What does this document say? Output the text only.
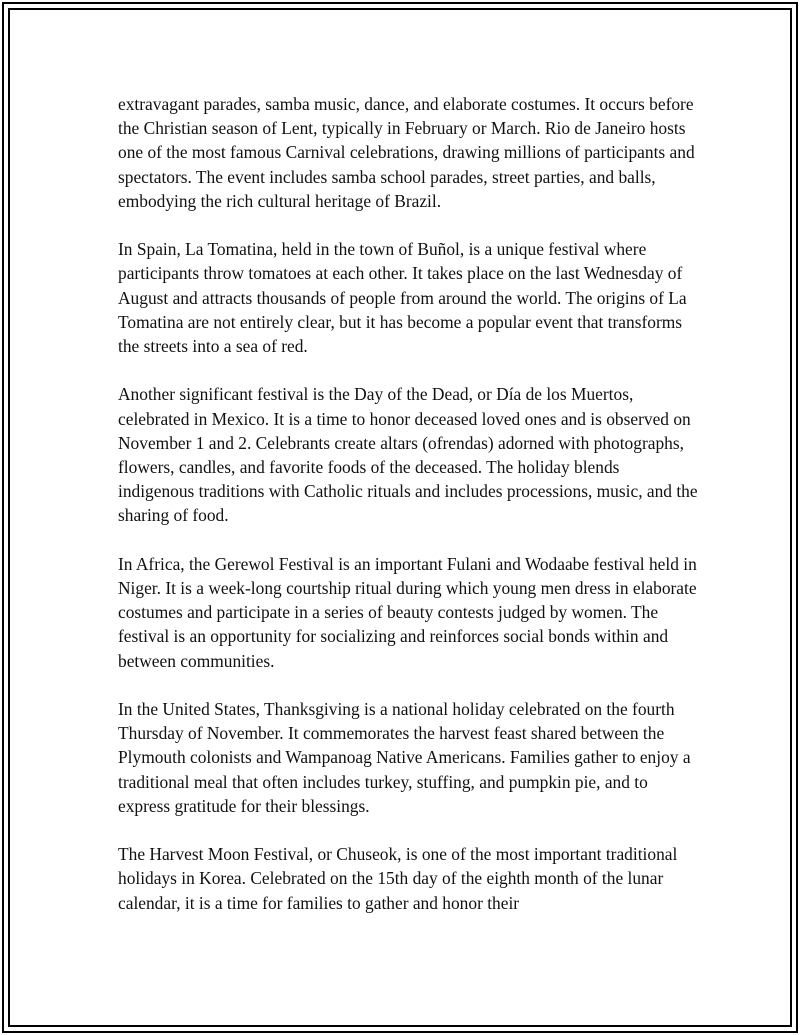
extravagant parades, samba music, dance, and elaborate costumes. It occurs before the Christian season of Lent, typically in February or March. Rio de Janeiro hosts one of the most famous Carnival celebrations, drawing millions of participants and spectators. The event includes samba school parades, street parties, and balls, embodying the rich cultural heritage of Brazil.

In Spain, La Tomatina, held in the town of Buñol, is a unique festival where participants throw tomatoes at each other. It takes place on the last Wednesday of August and attracts thousands of people from around the world. The origins of La Tomatina are not entirely clear, but it has become a popular event that transforms the streets into a sea of red.

Another significant festival is the Day of the Dead, or Día de los Muertos, celebrated in Mexico. It is a time to honor deceased loved ones and is observed on November 1 and 2. Celebrants create altars (ofrendas) adorned with photographs, flowers, candles, and favorite foods of the deceased. The holiday blends indigenous traditions with Catholic rituals and includes processions, music, and the sharing of food.

In Africa, the Gerewol Festival is an important Fulani and Wodaabe festival held in Niger. It is a week-long courtship ritual during which young men dress in elaborate costumes and participate in a series of beauty contests judged by women. The festival is an opportunity for socializing and reinforces social bonds within and between communities.

In the United States, Thanksgiving is a national holiday celebrated on the fourth Thursday of November. It commemorates the harvest feast shared between the Plymouth colonists and Wampanoag Native Americans. Families gather to enjoy a traditional meal that often includes turkey, stuffing, and pumpkin pie, and to express gratitude for their blessings.

The Harvest Moon Festival, or Chuseok, is one of the most important traditional holidays in Korea. Celebrated on the 15th day of the eighth month of the lunar calendar, it is a time for families to gather and honor their
